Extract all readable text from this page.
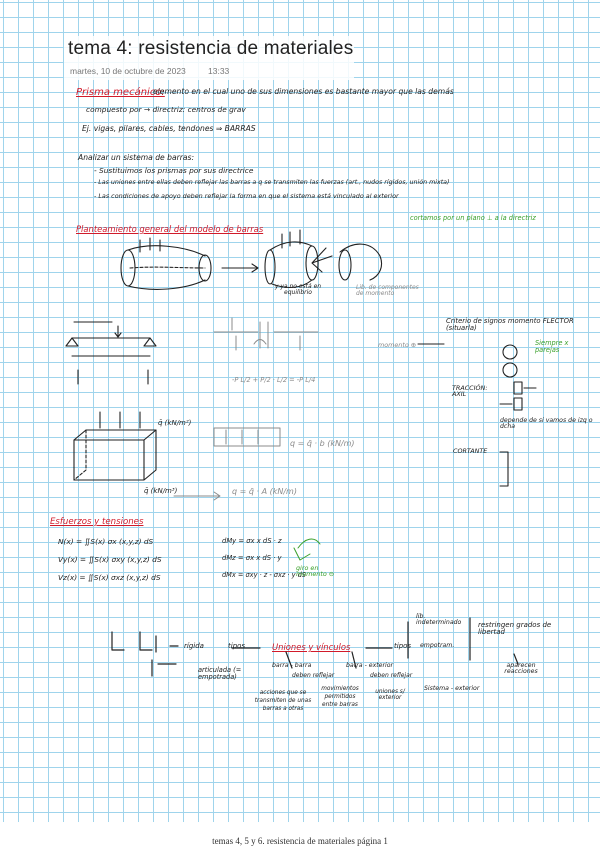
tema 4: resistencia de materiales
martes, 10 de octubre de 2023	13:33
Prisma mecánico:
elemento en el cual uno de sus dimensiones es bastante mayor que las demás
compuesto por → directriz: centros de grav
Ej. vigas, pilares, cables, tendones ⇒ BARRAS
Analizar un sistema de barras:
- Sustituimos los prismas por sus directrice
- Las uniones entre ellas deben reflejar las barras a q se transmiten las fuerzas (art., nudos rígidos, unión mixta)
- Las condiciones de apoyo deben reflejar la forma en que el sistema está vinculado al exterior
Planteamiento general del modelo de barras
cortamos por un plano ⊥ a la directriz
y ya no está en equilibrio
Lib. de componentes de momento
Criterio de signos momento FLECTOR (situarla)
momento ⊕	Siempre x parejas
TRACCIÓN: AXIL
depende de si vamos de izq o dcha
CORTANTE
-P L/2 + P/2 · L/2 = -P L/4
q̄ (kN/m²)
q = q̄ · b (kN/m)
q̄ (kN/m³)	q = q̄ · A (kN/m)
Esfuerzos y tensiones
N(x) = ∬S(x) σx (x,y,z) dS
Vy(x) = ∬S(x) σxy (x,y,z) dS
Vz(x) = ∬S(x) σxz (x,y,z) dS
dMy = σx x dS · z
dMz = σx x dS · y
dMx = σxy · z - σxz · y dS
giro en momento ⊖
Uniones y vínculos
tipos
rígida
articulada (= empotrada)
barra - barra	barra - exterior
deben reflejar	deben reflejar
acciones que se transmiten de unas barras a otras
movimientos permitidos entre barras
uniones s/ exterior
Sistema - exterior
tipos
lib. indeterminado
empotram.
restringen grados de libertad
aparecen reacciones
temas 4, 5 y 6. resistencia de materiales página 1
